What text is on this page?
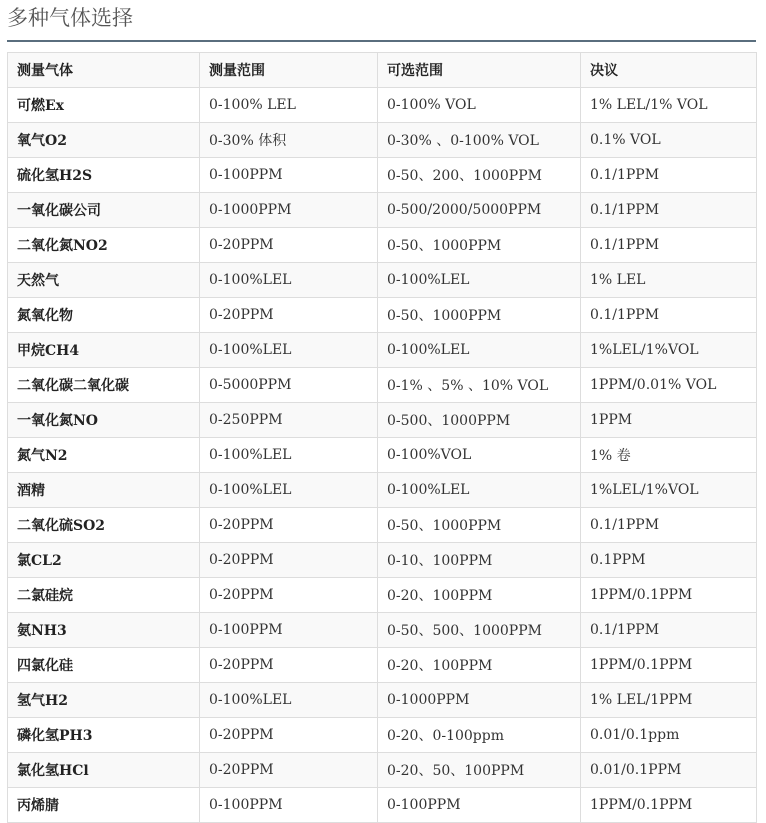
多种气体选择
测量气体	测量范围	可选范围	决议
可燃Ex	0-100% LEL	0-100% VOL	1% LEL/1% VOL
氧气O2	0-30% 体积	0-30% 、0-100% VOL	0.1% VOL
硫化氢H2S	0-100PPM	0-50、200、1000PPM	0.1/1PPM
一氧化碳公司	0-1000PPM	0-500/2000/5000PPM	0.1/1PPM
二氧化氮NO2	0-20PPM	0-50、1000PPM	0.1/1PPM
天然气	0-100%LEL	0-100%LEL	1% LEL
氮氧化物	0-20PPM	0-50、1000PPM	0.1/1PPM
甲烷CH4	0-100%LEL	0-100%LEL	1%LEL/1%VOL
二氧化碳二氧化碳	0-5000PPM	0-1% 、5% 、10% VOL	1PPM/0.01% VOL
一氧化氮NO	0-250PPM	0-500、1000PPM	1PPM
氮气N2	0-100%LEL	0-100%VOL	1% 卷
酒精	0-100%LEL	0-100%LEL	1%LEL/1%VOL
二氧化硫SO2	0-20PPM	0-50、1000PPM	0.1/1PPM
氯CL2	0-20PPM	0-10、100PPM	0.1PPM
二氯硅烷	0-20PPM	0-20、100PPM	1PPM/0.1PPM
氨NH3	0-100PPM	0-50、500、1000PPM	0.1/1PPM
四氯化硅	0-20PPM	0-20、100PPM	1PPM/0.1PPM
氢气H2	0-100%LEL	0-1000PPM	1% LEL/1PPM
磷化氢PH3	0-20PPM	0-20、0-100ppm	0.01/0.1ppm
氯化氢HCl	0-20PPM	0-20、50、100PPM	0.01/0.1PPM
丙烯腈	0-100PPM	0-100PPM	1PPM/0.1PPM
